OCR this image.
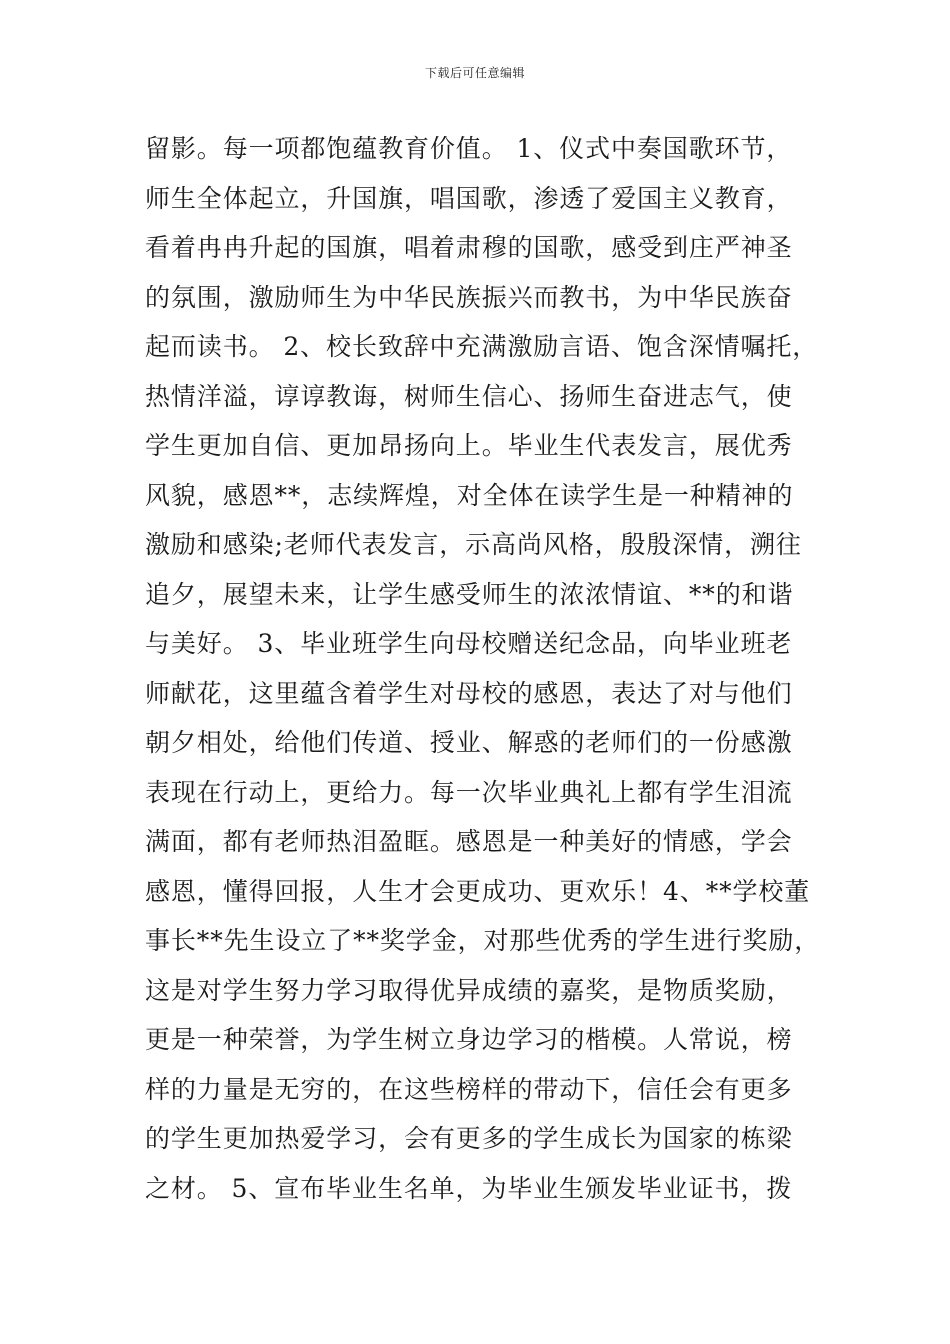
下载后可任意编辑
留影。每一项都饱蕴教育价值。 1、仪式中奏国歌环节，
师生全体起立，升国旗，唱国歌，渗透了爱国主义教育，
看着冉冉升起的国旗，唱着肃穆的国歌，感受到庄严神圣
的氛围，激励师生为中华民族振兴而教书，为中华民族奋
起而读书。 2、校长致辞中充满激励言语、饱含深情嘱托，
热情洋溢，谆谆教诲，树师生信心、扬师生奋进志气，使
学生更加自信、更加昂扬向上。毕业生代表发言，展优秀
风貌，感恩**，志续辉煌，对全体在读学生是一种精神的
激励和感染;老师代表发言，示高尚风格，殷殷深情，溯往
追夕，展望未来，让学生感受师生的浓浓情谊、**的和谐
与美好。 3、毕业班学生向母校赠送纪念品，向毕业班老
师献花，这里蕴含着学生对母校的感恩，表达了对与他们
朝夕相处，给他们传道、授业、解惑的老师们的一份感激
表现在行动上，更给力。每一次毕业典礼上都有学生泪流
满面，都有老师热泪盈眶。感恩是一种美好的情感，学会
感恩，懂得回报，人生才会更成功、更欢乐！4、**学校董
事长**先生设立了**奖学金，对那些优秀的学生进行奖励，
这是对学生努力学习取得优异成绩的嘉奖，是物质奖励，
更是一种荣誉，为学生树立身边学习的楷模。人常说，榜
样的力量是无穷的，在这些榜样的带动下，信任会有更多
的学生更加热爱学习，会有更多的学生成长为国家的栋梁
之材。 5、宣布毕业生名单，为毕业生颁发毕业证书，拨
